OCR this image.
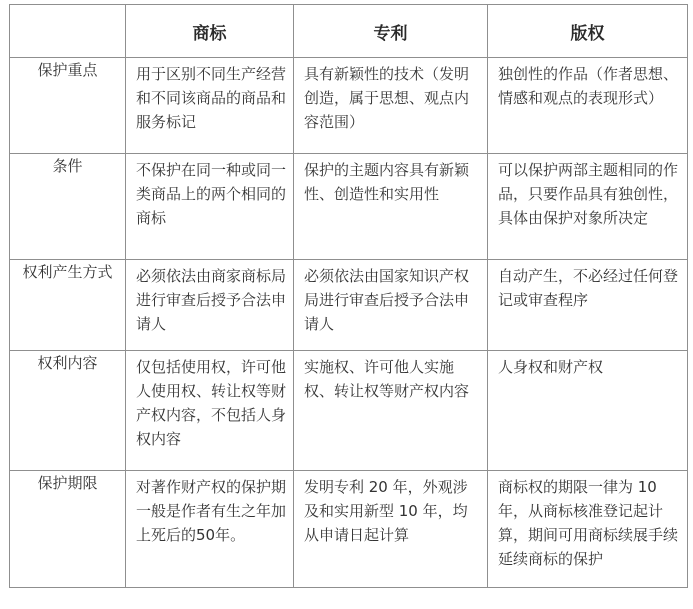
	商标	专利	版权
保护重点	用于区别不同生产经营和不同该商品的商品和服务标记	具有新颖性的技术（发明创造，属于思想、观点内容范围）	独创性的作品（作者思想、情感和观点的表现形式）
条件	不保护在同一种或同一类商品上的两个相同的商标	保护的主题内容具有新颖性、创造性和实用性	可以保护两部主题相同的作品，只要作品具有独创性，具体由保护对象所决定
权利产生方式	必须依法由商家商标局进行审查后授予合法申请人	必须依法由国家知识产权局进行审查后授予合法申请人	自动产生，不必经过任何登记或审查程序
权利内容	仅包括使用权，许可他人使用权、转让权等财产权内容，不包括人身权内容	实施权、许可他人实施权、转让权等财产权内容	人身权和财产权
保护期限	对著作财产权的保护期一般是作者有生之年加上死后的50年。	发明专利 20 年，外观涉及和实用新型 10 年，均从申请日起计算	商标权的期限一律为 10 年，从商标核准登记起计算，期间可用商标续展手续延续商标的保护
